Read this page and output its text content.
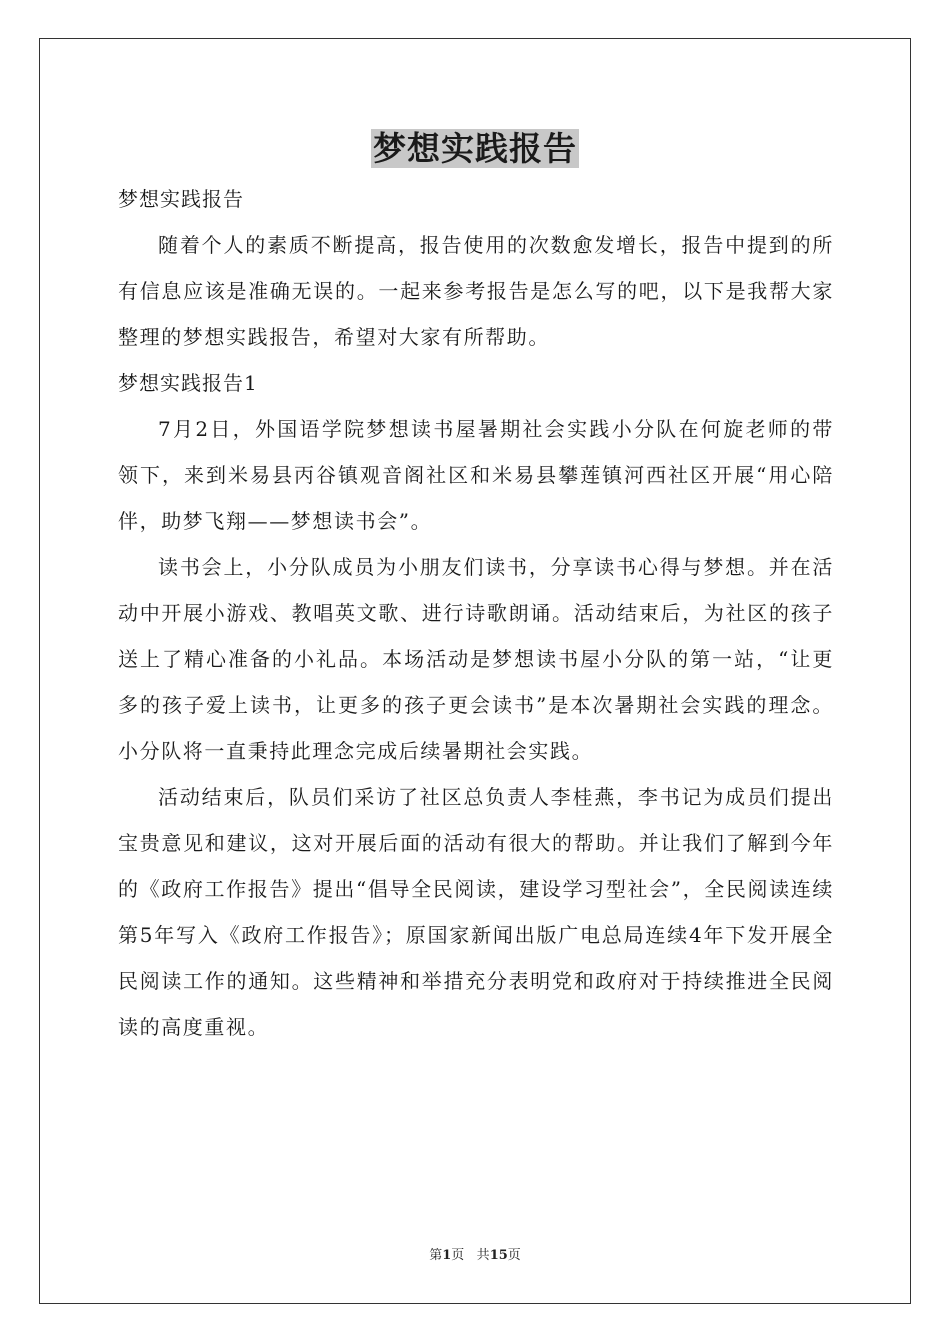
梦想实践报告

梦想实践报告

随着个人的素质不断提高，报告使用的次数愈发增长，报告中提到的所有信息应该是准确无误的。一起来参考报告是怎么写的吧，以下是我帮大家整理的梦想实践报告，希望对大家有所帮助。

梦想实践报告1

7月2日，外国语学院梦想读书屋暑期社会实践小分队在何旋老师的带领下，来到米易县丙谷镇观音阁社区和米易县攀莲镇河西社区开展“用心陪伴，助梦飞翔——梦想读书会”。

读书会上，小分队成员为小朋友们读书，分享读书心得与梦想。并在活动中开展小游戏、教唱英文歌、进行诗歌朗诵。活动结束后，为社区的孩子送上了精心准备的小礼品。本场活动是梦想读书屋小分队的第一站，“让更多的孩子爱上读书，让更多的孩子更会读书”是本次暑期社会实践的理念。小分队将一直秉持此理念完成后续暑期社会实践。

活动结束后，队员们采访了社区总负责人李桂燕，李书记为成员们提出宝贵意见和建议，这对开展后面的活动有很大的帮助。并让我们了解到今年的《政府工作报告》提出“倡导全民阅读，建设学习型社会”，全民阅读连续第5年写入《政府工作报告》；原国家新闻出版广电总局连续4年下发开展全民阅读工作的通知。这些精神和举措充分表明党和政府对于持续推进全民阅读的高度重视。

第1页 共15页
